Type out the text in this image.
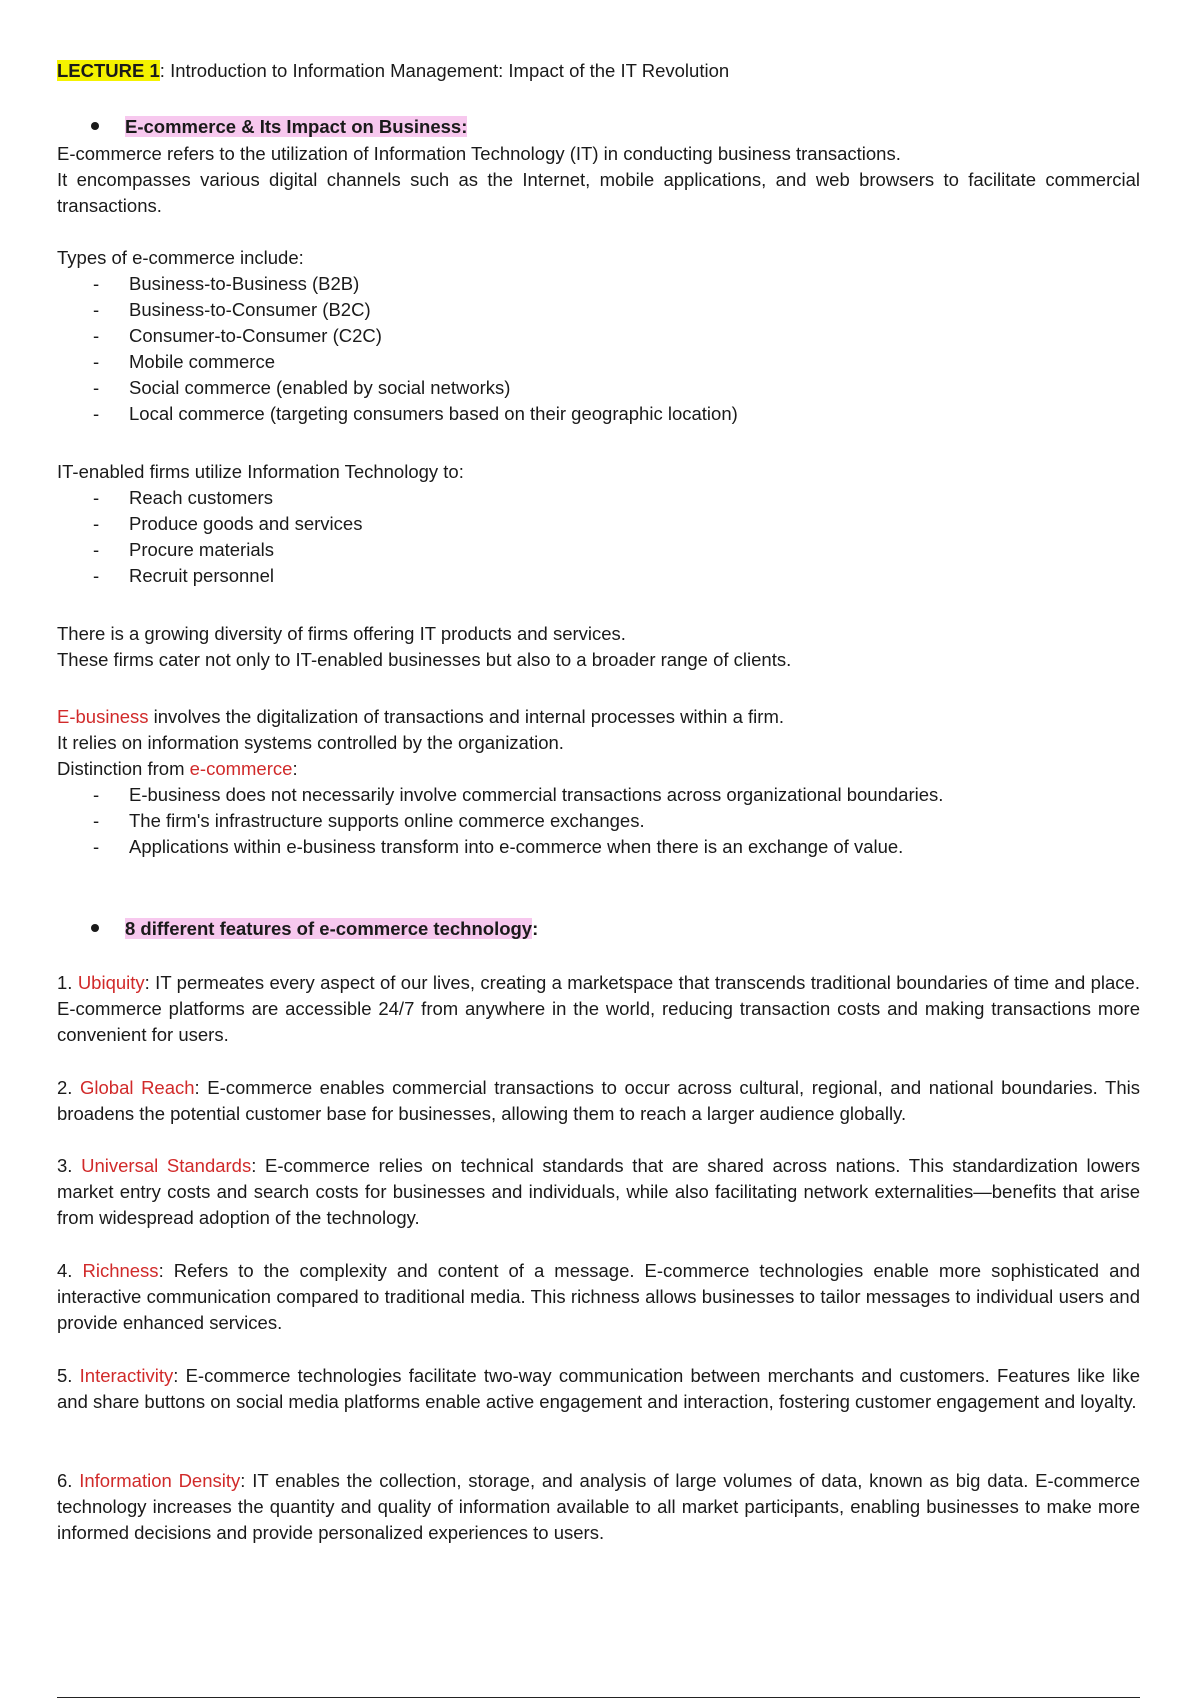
LECTURE 1: Introduction to Information Management: Impact of the IT Revolution
E-commerce & Its Impact on Business:

E-commerce refers to the utilization of Information Technology (IT) in conducting business transactions.

It encompasses various digital channels such as the Internet, mobile applications, and web browsers to facilitate commercial transactions.

Types of e-commerce include:

- Business-to-Business (B2B)
- Business-to-Consumer (B2C)
- Consumer-to-Consumer (C2C)
- Mobile commerce
- Social commerce (enabled by social networks)
- Local commerce (targeting consumers based on their geographic location)

IT-enabled firms utilize Information Technology to:

- Reach customers
- Produce goods and services
- Procure materials
- Recruit personnel

There is a growing diversity of firms offering IT products and services.

These firms cater not only to IT-enabled businesses but also to a broader range of clients.

E-business involves the digitalization of transactions and internal processes within a firm.

It relies on information systems controlled by the organization.

Distinction from e-commerce:

- E-business does not necessarily involve commercial transactions across organizational boundaries.
- The firm's infrastructure supports online commerce exchanges.
- Applications within e-business transform into e-commerce when there is an exchange of value.
8 different features of e-commerce technology:

1. Ubiquity: IT permeates every aspect of our lives, creating a marketspace that transcends traditional boundaries of time and place. E-commerce platforms are accessible 24/7 from anywhere in the world, reducing transaction costs and making transactions more convenient for users.

2. Global Reach: E-commerce enables commercial transactions to occur across cultural, regional, and national boundaries. This broadens the potential customer base for businesses, allowing them to reach a larger audience globally.

3. Universal Standards: E-commerce relies on technical standards that are shared across nations. This standardization lowers market entry costs and search costs for businesses and individuals, while also facilitating network externalities—benefits that arise from widespread adoption of the technology.

4. Richness: Refers to the complexity and content of a message. E-commerce technologies enable more sophisticated and interactive communication compared to traditional media. This richness allows businesses to tailor messages to individual users and provide enhanced services.

5. Interactivity: E-commerce technologies facilitate two-way communication between merchants and customers. Features like like and share buttons on social media platforms enable active engagement and interaction, fostering customer engagement and loyalty.

6. Information Density: IT enables the collection, storage, and analysis of large volumes of data, known as big data. E-commerce technology increases the quantity and quality of information available to all market participants, enabling businesses to make more informed decisions and provide personalized experiences to users.
